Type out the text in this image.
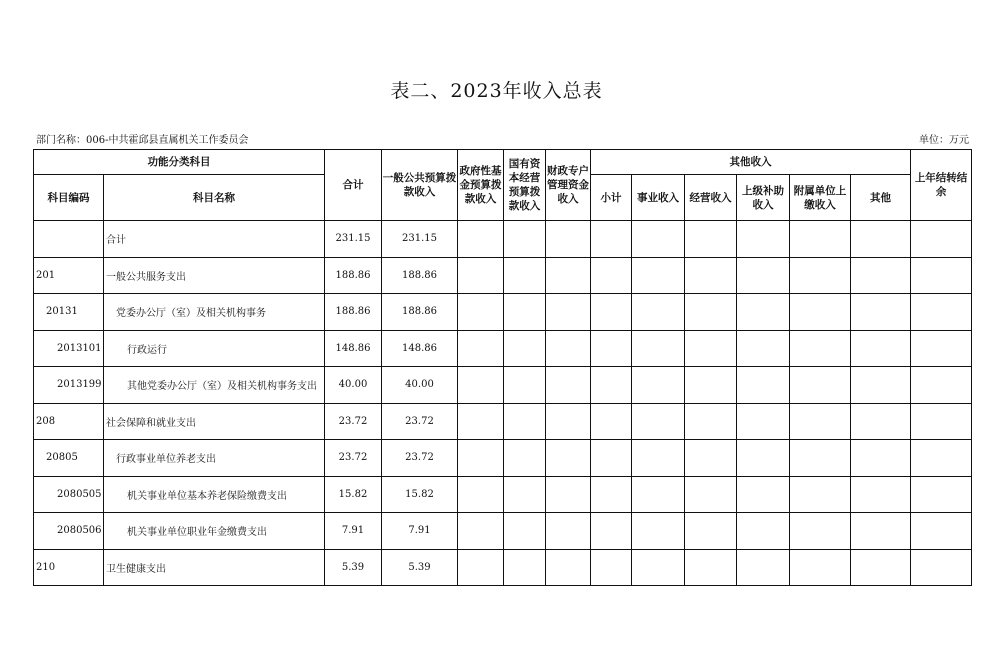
表二、2023年收入总表
部门名称：006-中共霍邱县直属机关工作委员会	单位：万元
功能分类科目		合计	一般公共预算拨款收入	政府性基金预算拨款收入	国有资本经营预算拨款收入	财政专户管理资金收入	其他收入						上年结转结余
科目编码	科目名称						小计	事业收入	经营收入	上级补助收入	附属单位上缴收入	其他	
	合计	231.15	231.15										
201	一般公共服务支出	188.86	188.86										
20131	党委办公厅（室）及相关机构事务	188.86	188.86										
2013101	行政运行	148.86	148.86										
2013199	其他党委办公厅（室）及相关机构事务支出	40.00	40.00										
208	社会保障和就业支出	23.72	23.72										
20805	行政事业单位养老支出	23.72	23.72										
2080505	机关事业单位基本养老保险缴费支出	15.82	15.82										
2080506	机关事业单位职业年金缴费支出	7.91	7.91										
210	卫生健康支出	5.39	5.39										
